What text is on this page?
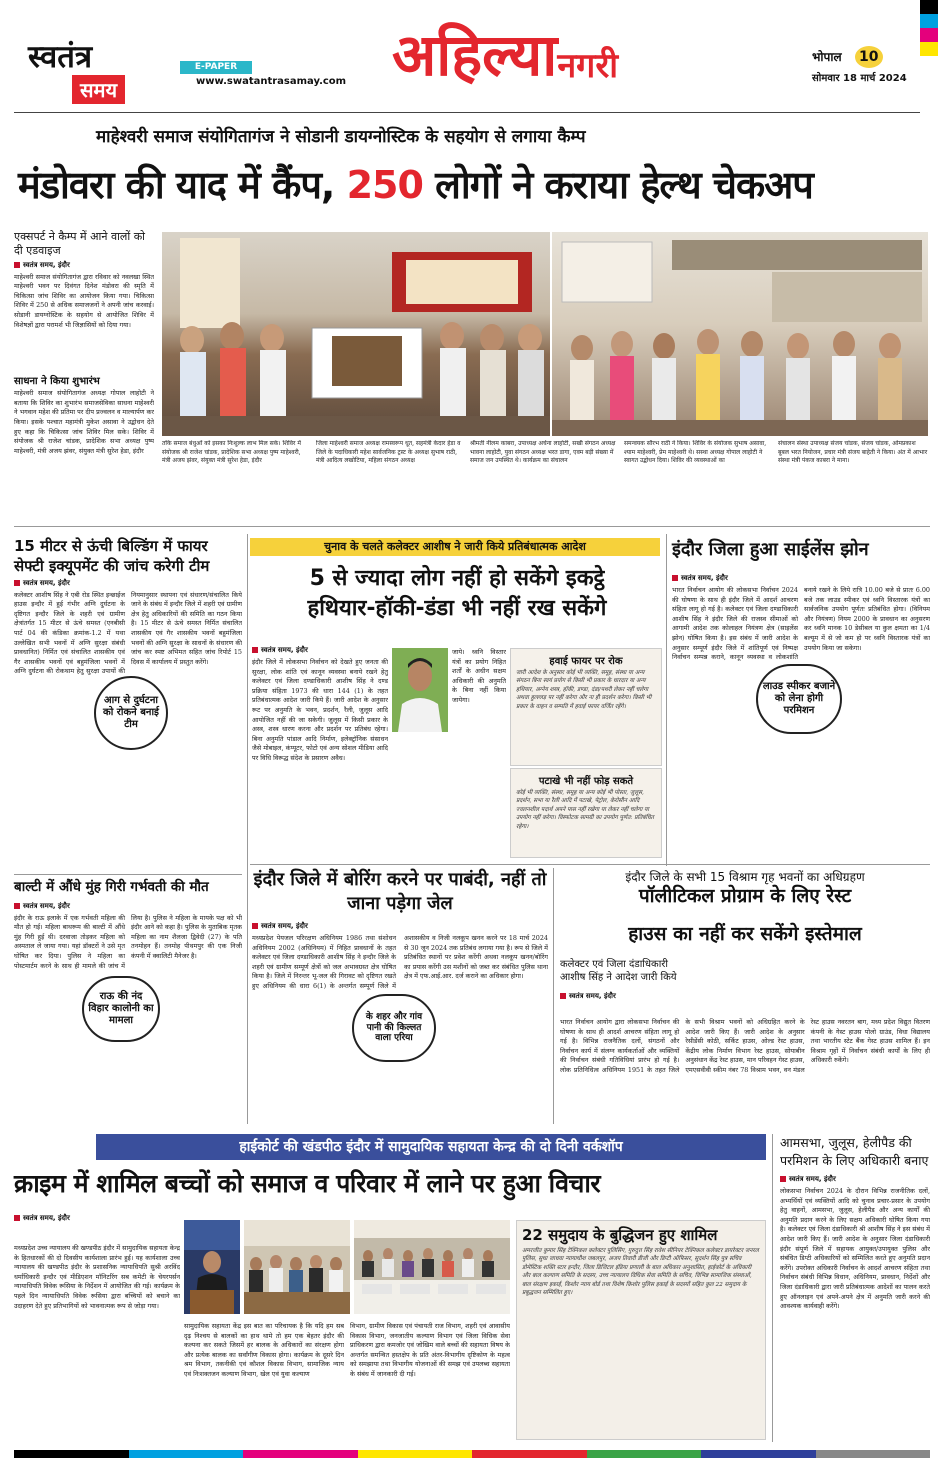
स्वतंत्र
समय
E-PAPER
www.swatantrasamay.com अहिल्यानगरी	भोपाल 10
सोमवार 18 मार्च 2024
माहेश्वरी समाज संयोगितागंज ने सोडानी डायग्नोस्टिक के सहयोग से लगाया कैम्प
मंडोवरा की याद में कैंप, 250 लोगों ने कराया हेल्थ चेकअप
एक्सपर्ट ने कैम्प में आने वालों को दी एडवाइज
स्वतंत्र समय, इंदौर
माहेश्वरी समाज संयोगितागंज द्वारा रविवार को नवलखा स्थित माहेश्वरी भवन पर दिवंगत दिनेश मंडोवरा की स्मृति में चिकित्सा जांच शिविर का आयोजन किया गया। चिकित्सा शिविर में 250 से अधिक समाजजनों ने अपनी जांच करवाई। सोडानी डायग्नोस्टिक के सहयोग से आयोजित शिविर में विशेषज्ञों द्वारा परामर्श भी जिज्ञासियों को दिया गया।
साधना ने किया शुभारंभ
माहेश्वरी समाज संयोगितागंज अध्यक्ष गोपाल लाहोटी ने बताया कि शिविर का शुभारंभ समाजसेविका साधना माहेश्वरी ने भगवान महेश की प्रतिमा पर दीप प्रज्वलन व माल्यार्पण कर किया। इसके पश्चात महामंत्री मुकेश असावा ने उद्बोधन देते हुए कहा कि चिकित्सा जांच शिविर मिल सके। शिविर में संयोजक श्री राजेश चांडक, प्रादेशिक सभा अध्यक्ष पुष्प माहेश्वरी, मंत्री अजय झंवर, संयुक्त मंत्री सुरेश हेडा, इंदौर
तकि समाज बंधुओं को इसका निःशुल्क लाभ मिल सके। शिविर में संयोजक श्री राजेश चांडक, प्रादेशिक सभा अध्यक्ष पुष्प माहेश्वरी, मंत्री अजय झंवर, संयुक्त मंत्री सुरेश हेडा, इंदौर
जिला माहेश्वरी समाज अध्यक्ष रामस्वरूप धूत, सहमंत्री केदार हेडा व जिले के पदाधिकारी महेश सार्वजनिक ट्रस्ट के अध्यक्ष सुभाष राठी, मंत्री आदित्य लखोटिया, महिला संगठन अध्यक्ष
श्रीमती नीलम काबरा, उपाध्यक्ष अर्चना लाहोटी, सखी संगठन अध्यक्ष भावना लाहोटी, युवा संगठन अध्यक्ष भरत डागा, एवम बड़ी संख्या में समाज जन उपस्थित थे। कार्यक्रम का संचालन
समन्वयक सौरभ राठी ने किया। शिविर के संयोजक सुभाष असावा, श्याम माहेश्वरी, प्रेम माहेश्वरी थे। सस्था अध्यक्ष गोपाल लाहोटी ने स्वागत उद्बोधन दिया। शिविर की व्यवस्थाओं का
संचालन संस्था उपाध्यक्ष संजय चांडक, संजय चांडक, ओमप्रकाश बूबल भरत नियोजन, प्रचार मंत्री संजय बाहेती ने किया। अंत में आभार संस्था मंत्री पंकज काबरा ने माना।
15 मीटर से ऊंची बिल्डिंग में फायर सेफ्टी इक्यूपमेंट की जांच करेगी टीम
स्वतंत्र समय, इंदौर
कलेक्टर आशीष सिंह ने एबी रोड स्थित इन्छाईज हाउस इन्दौर में हुई गंभीर अग्नि दुर्घटना के दृष्टिगत इन्दौर जिले के शहरी एवं ग्रामीण क्षेत्रांतर्गत 15 मीटर से ऊंचे समस्त (एनबीसी पार्ट 04 की कंडिका क्रमांक-1.2 में यथा उल्लेखित सभी भवनों में अग्नि सुरक्षा संबंधी प्रावधानित) निर्मित एवं संचालित शासकीय एवं गैर शासकीय भवनों एवं बहुमंजिला भवनों में अग्नि दुर्घटना की रोकथाम हेतु सुरक्षा उपायों की नियमानुसार स्थापना एवं संधारण/संचालित किये जाने के संबंध में इन्दौर जिले में शहरी एवं ग्रामीण क्षेत्र हेतु अधिकारियों की समिति का गठन किया है। 15 मीटर से ऊंचे समस्त निर्मित संचालित शासकीय एवं गैर शासकीय भवनों बहुमंजिला भवनों की अग्नि सुरक्षा के साधनों के संधारण की जांच कर स्पष्ट अभिमत सहित जांच रिपोर्ट 15 दिवस में कार्यालय में प्रस्तुत करेंगे।
आग से दुर्घटना को रोकने बनाई टीम
बाल्टी में औंधे मुंह गिरी गर्भवती की मौत
स्वतंत्र समय, इंदौर
इंदौर के राऊ इलाके में एक गर्भवती महिला की मौत हो गई। महिला बाथरूम की बाल्टी में औंधे मुंह गिरी हुई थी। दरवाजा तोड़कर महिला को अस्पताल ले जाया गया। यहां डॉक्टरों ने उसे मृत घोषित कर दिया। पुलिस ने महिला का पोस्टमार्टम करने के साथ ही मामले की जांच में लिया है। पुलिस ने महिला के मायके पक्ष को भी इंदौर आने को कहा है। पुलिस के मुताबिक मृतक महिला का नाम शैलजा द्विवेदी (27) के पति तनमोहन हैं। तनमोह पीथमपुर की एक निजी कंपनी में क्वालिटी मैनेजर है।
राऊ की नंद विहार कालोनी का मामला
चुनाव के चलते कलेक्टर आशीष ने जारी किये प्रतिबंधात्मक आदेश
5 से ज्यादा लोग नहीं हो सकेंगे इकट्ठे
हथियार-हॉकी-डंडा भी नहीं रख सकेंगे
स्वतंत्र समय, इंदौर
इंदौर जिले में लोकसभा निर्वाचन को देखते हुए जनता की सुरक्षा, लोक शांति एवं कानून व्यवस्था बनाये रखने हेतु कलेक्टर एवं जिला दण्डाधिकारी आशीष सिंह ने दण्ड प्रक्रिया संहिता 1973 की धारा 144 (1) के तहत प्रतिबंधात्मक आदेश जारी किये हैं। जारी आदेश के अनुसार रूट पर अनुमति के भवन, प्रदर्शन, रैली, जुलूस आदि आयोजित नहीं की जा सकेगी। जुलूस में किसी प्रकार के अस्त्र, शस्त्र धारण करना और प्रदर्शन पर प्रतिबंध रहेगा। बिना अनुमति पांडाल आदि निर्माण, इलेक्ट्रॉनिक संसाधन जैसे मोबाइल, कंप्यूटर, फोटो एवं अन्य सोशल मीडिया आदि पर विधि विरूद्ध संदेश के प्रसारण अवैध।
जाये। ध्वनि विस्तार यंत्रों का प्रयोग निहित शर्तों के अधीन सक्षम अधिकारी की अनुमति के बिना नहीं किया जायेगा।
हवाई फायर पर रोक

जारी आदेश के अनुसार कोई भी व्यक्ति, समूह, संस्था या अन्य संगठन बिना स्वयं प्रयोग से किसी भी प्रकार के धारदार या अन्य हथियार, अग्नेय शस्त्र, हॉकी, डण्डा, दंडा/पथरी लेकर नहीं चलेगा अथवा हुल्ल्लड़ पर नहीं करेगा और ना ही प्रदर्शन करेगा। किसी भी प्रकार के वाहन व सम्पति में हवाई फायर वर्जित रहेंगे।

पटाखे भी नहीं फोड़ सकते

कोई भी व्यक्ति, संस्था, समूह या अन्य कोई भी पोस्ता, जुलूस, प्रदर्शन, सभा या रैली आदि में पटाखे, पेट्रोल, केरोसीन आदि ज्वलनशील पदार्थ अपने पास नहीं रखेगा या लेकर नहीं चलेगा या उपयोग नहीं करेगा। विस्फोटक सामग्री का उपयोग पूर्णत: प्रतिबंधित रहेगा।

इंदौर जिला हुआ साईलेंस झोन
स्वतंत्र समय, इंदौर
भारत निर्वाचन आयोग की लोकसभा निर्वाचन 2024 की घोषणा के साथ ही इंदौर जिले में आदर्श आचरण संहिता लागू हो गई है। कलेक्टर एवं जिला दण्डाधिकारी आशीष सिंह ने इंदौर जिले की राजस्व सीमाओं को आगामी आदेश तक कोलाहल नियंत्रण क्षेत्र (साइलेंस झोन) घोषित किया है। इस संबंध में जारी आदेश के अनुसार सम्पूर्ण इंदौर जिले में शांतिपूर्ण एवं निष्पक्ष निर्वाचन सम्पन्न कराने, कानून व्यवस्था व लोकशांति बनाये रखने के लिये रात्रि 10.00 बजे से प्रातः 6.00 बजे तक लाउड स्पीकर एवं ध्वनि विस्तारक यंत्रों का सार्वजनिक उपयोग पूर्णतः प्रतिबंधित होगा। (विनियम और नियंत्रण) नियम 2000 के प्रावधान का अनुसरण कर ध्वनि मानक 10 डेसीबल या कुल क्षमता का 1/4 बल्यूम में से जो कम हो पर ध्वनि विस्तारक यंत्रों का उपयोग किया जा सकेगा।
लाउड स्पीकर बजाने को लेना होगी परमिशन
इंदौर जिले में बोरिंग करने पर पाबंदी, नहीं तो जाना पड़ेगा जेल
स्वतंत्र समय, इंदौर
मध्यप्रदेश पेयजल परिरक्षण अधिनियम 1986 तथा संशोधन अधिनियम 2002 (अधिनियम) में निहित प्रावधानों के तहत कलेक्टर एवं जिला दण्डाधिकारी आशीष सिंह ने इन्दौर जिले के शहरी एवं ग्रामीण सम्पूर्ण क्षेत्रों को जल अभावग्रस्त क्षेत्र घोषित किया है। जिले में निरन्तर भू-जल की गिरावट को दृष्टिगत रखते हुए अधिनियम की धारा 6(1) के अन्तर्गत सम्पूर्ण जिले में अशासकीय व निजी नलकूप खनन करने पर 18 मार्च 2024 से 30 जून 2024 तक प्रतिबंध लगाया गया है। रूप से जिले में प्रतिबंधित स्थानों पर प्रवेश करेंगी अथवा नलकूप खनन/बोरिंग का प्रयास करेंगी उस मशीनों को जब्त कर संबंधित पुलिस थाना क्षेत्र में एफ.आई.आर. दर्ज कराने का अधिकार होगा।
के शहर और गांव पानी की किल्लत वाला एरिया
इंदौर जिले के सभी 15 विश्राम गृह भवनों का अधिग्रहण
पॉलीटिकल प्रोग्राम के लिए रेस्ट
हाउस का नहीं कर सकेंगे इस्तेमाल
कलेक्टर एवं जिला दंडाधिकारी आशीष सिंह ने आदेश जारी किये
स्वतंत्र समय, इंदौर
भारत निर्वाचन आयोग द्वारा लोकसभा निर्वाचन की घोषणा के साथ ही आदर्श आचरण संहिता लागू हो गई है। विभिन्न राजनैतिक दलों, संगठनों और निर्वाचन कार्य में संलग्न कार्यकर्ताओं और व्यक्तियों की निर्वाचन संबंधी गतिविधियां प्रारंभ हो गई है। लोक प्रतिनिधित्व अधिनियम 1951 के तहत जिले के सभी विश्राम भवनों को अधिग्रहित करने के आदेश जारी किए हैं। जारी आदेश के अनुसार रेसीडेंसी कोठी, सर्किट हाउस, ओल्ड रेस्ट हाउस, केंद्रीय लोक निर्माण विभाग रेस्ट हाउस, सोयाबीन अनुसंधान केंद्र रेस्ट हाउस, मान परिवहन गेस्ट हाउस, एमएसवीवी स्कीम नंबर 78 विश्राम भवन, वन मंडल रेस्ट हाउस नवरतन बाग, मध्य प्रदेश विद्युत वितरण कंपनी के गेस्ट हाउस पोलो ग्राउंड, विधा विद्यालय तथा भारतीय स्टेट बैंक गेस्ट हाउस शामिल हैं। इन विश्राम गृहों में निर्वाचन संबंधी कार्यों के लिए ही अधिकारी रुकेंगे।
हाईकोर्ट की खंडपीठ इंदौर में सामुदायिक सहायता केन्द्र की दो दिनी वर्कशॉप
क्राइम में शामिल बच्चों को समाज व परिवार में लाने पर हुआ विचार
स्वतंत्र समय, इंदौर
मध्यप्रदेश उच्च न्यायालय की खण्डपीठ इंदौर में सामुदायिक सहायता केन्द्र के हितधारकों की दो दिवसीय कार्यशाला प्रारंभ हुई। यह कार्यशाला उच्च न्यायालय की खण्डपीठ इंदौर के प्रशासनिक न्यायाधिपति सुश्री अरविंद धर्माधिकारी इन्दौर एवं मीडिएशन मॉनिटरिंग सब कमेटी के चेयरपर्सन न्यायाधिपति विवेक रूसिया के निर्देशन में आयोजित की गई। कार्यक्रम के पहले दिन न्यायाधिपति विवेक रूसिया द्वारा बच्चियों को बचाने का उदाहरण देते हुए प्रतिभागियों को भावनात्मक रूप से जोड़ा गया।
सामुदायिक सहायता केंद्र इस बात का परिचायक है कि यदि हम सब दृढ़ निश्चय से बालकों का हाथ थामे तो हम एक बेहतर इंदौर की कल्पना कर सकते जिसमें हर बालक के अधिकारों का संरक्षण होगा और प्रत्येक बालक का सर्वांगीण विकास होगा। कार्यक्रम के दूसरे दिन श्रम विभाग, तकनीकी एवं कौशल विकास विभाग, सामाजिक न्याय एवं निःशक्तजन कल्याण विभाग, खेल एवं युवा कल्याण
विभाग, ग्रामीण विकास एवं पंचायती राज विभाग, शहरी एवं आवासीय विकास विभाग, जनजातीय कल्याण विभाग एवं जिला विधिक सेवा प्राधिकरण द्वारा कमजोर एवं जोखिम वाले बच्चों की सहायता विषय के अन्तर्गत समन्वित हस्तक्षेप के प्रति अंतर-विभागीय दृष्टिकोण के महत्व को समझाया तथा विभागीय योजनाओं की समझ एवं उपलब्ध सहायता के संबंध में जानकारी दी गई।
22 समुदाय के बुद्धिजन हुए शामिल

अमरजीत कुमार सिंह टेक्निकल कलेक्टर पुलिसिंग, गुरुदुत्त सिंह रावेश सीनियर टेक्निकल कलेक्टर डायरेक्टर जनरल पुलिस, सुधा जाधवा न्यायाधीश जबलपुर, अजय तिवारी डीजी और डिप्टी ऑफिसर, सुदर्शन सिंह पुत्र सचिव डोमेस्टिक शक्ति स्टार इन्दौर, जिला डिजिटल इंडिया प्रणाली के बाल अधिकार अनुशासित, हाईकोर्ट के अधिकारी और बाल कल्याण समिति के सदस्य, उच्च न्यायालय विधिक सेवा समिति के सचिव, विभिन्न सामाजिक संस्थाओं, बाल संरक्षण इकाई, किशोर न्याय बोर्ड तथा विशेष किशोर पुलिस इकाई के सदस्यों सहित कुल 22 समुदाय के प्रबुद्धजन सम्मिलित हुए।

आमसभा, जुलूस, हेलीपैड की परमिशन के लिए अधिकारी बनाए
स्वतंत्र समय, इंदौर
लोकसभा निर्वाचन 2024 के दौरान विभिन्न राजनीतिक दलों, अभ्यर्थियों एवं व्यक्तियों आदि को चुनाव प्रचार-प्रसार के उपयोग हेतु वाहनों, आमसभा, जुलूस, हेलीपैड और अन्य कार्यों की अनुमति प्रदान करने के लिए सक्षम अधिकारी घोषित किया गया है। कलेक्टर एवं जिला दंडाधिकारी श्री आशीष सिंह ने इस संबंध में आदेश जारी किए हैं। जारी आदेश के अनुसार जिला दंडाधिकारी इंदौर संपूर्ण जिले में सहायक आयुक्त/उपायुक्त पुलिस और संबंधित डिप्टी अधिकारियों को सम्मिलित करते हुए अनुमति प्रदान करेंगे। उपरोक्त अधिकारी निर्वाचन के आदर्श आचरण संहिता तथा निर्वाचन संबंधी विभिन्न विधान, अधिनियम, प्रावधान, निर्देशों और जिला दंडाधिकारी द्वारा जारी प्रतिबंधात्मक आदेशों का पालन करते हुए ऑनलाइन एवं अपने-अपने क्षेत्र में अनुमति जारी करने की आवश्यक कार्यवाही करेंगे।
